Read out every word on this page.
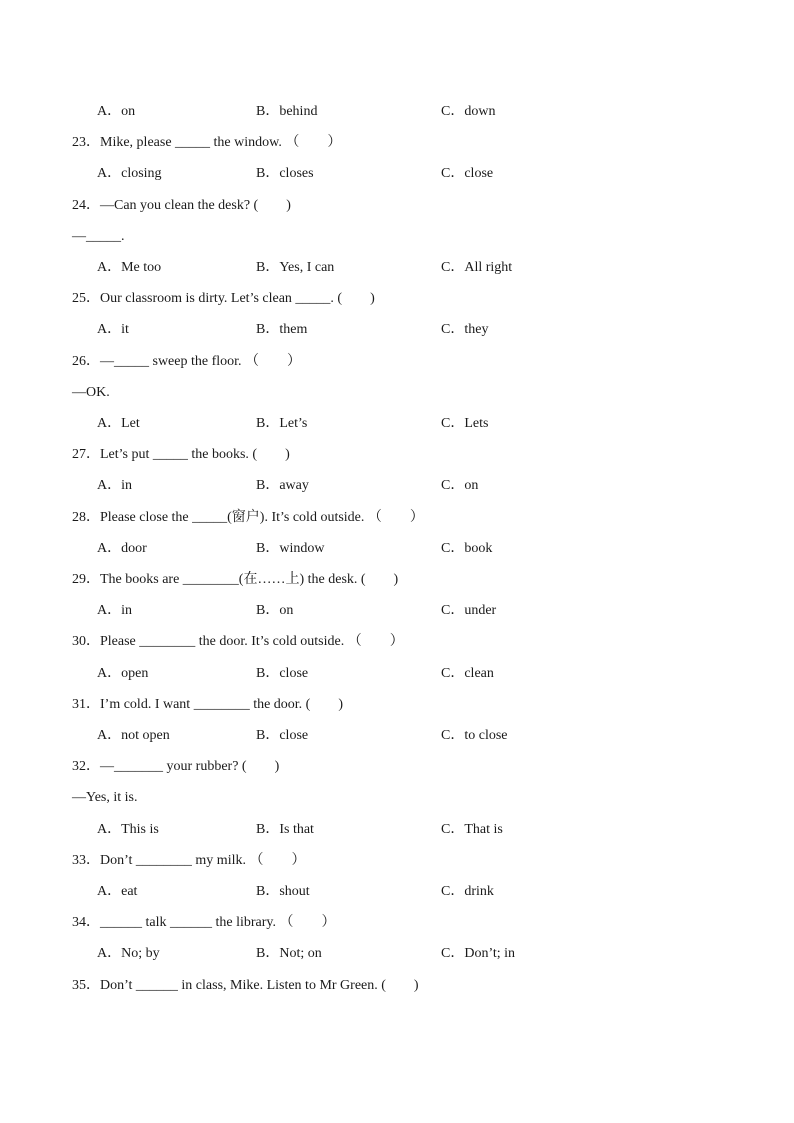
A．on	B．behind	C．down
23．Mike, please _____ the window. （　　）
A．closing	B．closes	C．close
24．—Can you clean the desk? (　　)
—_____.
A．Me too	B．Yes, I can	C．All right
25．Our classroom is dirty. Let’s clean _____. (　　)
A．it	B．them	C．they
26．—_____ sweep the floor. （　　）
—OK.
A．Let	B．Let’s	C．Lets
27．Let’s put _____ the books. (　　)
A．in	B．away	C．on
28．Please close the _____(窗户). It’s cold outside. （　　）
A．door	B．window	C．book
29．The books are ________(在……上) the desk. (　　)
A．in	B．on	C．under
30．Please ________ the door. It’s cold outside. （　　）
A．open	B．close	C．clean
31．I’m cold. I want ________ the door. (　　)
A．not open	B．close	C．to close
32．—_______ your rubber? (　　)
—Yes, it is.
A．This is	B．Is that	C．That is
33．Don’t ________ my milk. （　　）
A．eat	B．shout	C．drink
34．______ talk ______ the library. （　　）
A．No; by	B．Not; on	C．Don’t; in
35．Don’t ______ in class, Mike. Listen to Mr Green. (　　)
